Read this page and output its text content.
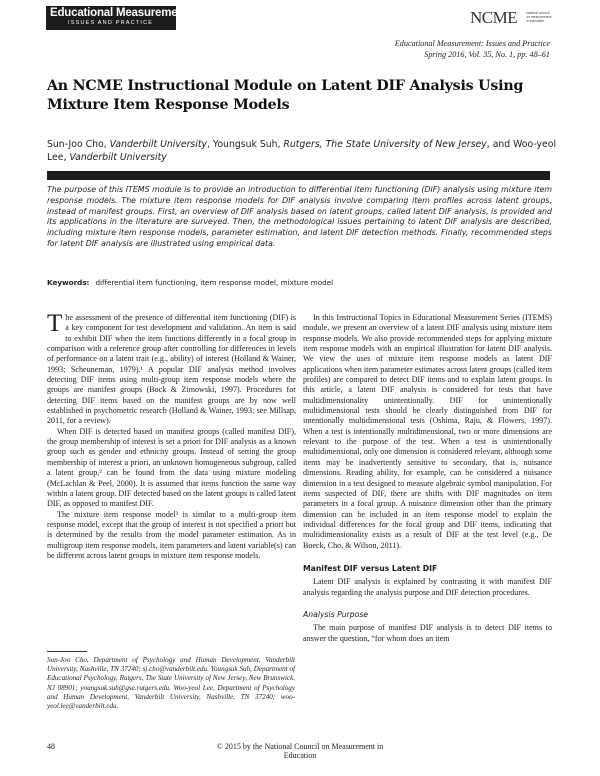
Educational Measurement
ISSUES AND PRACTICE	NCME	national council on measurement in education
Educational Measurement: Issues and Practice
Spring 2016, Vol. 35, No. 1, pp. 48–61
An NCME Instructional Module on Latent DIF Analysis Using Mixture Item Response Models
Sun-Joo Cho, Vanderbilt University, Youngsuk Suh, Rutgers, The State University of New Jersey, and Woo-yeol Lee, Vanderbilt University
The purpose of this ITEMS module is to provide an introduction to differential item functioning (DIF) analysis using mixture item response models. The mixture item response models for DIF analysis involve comparing item profiles across latent groups, instead of manifest groups. First, an overview of DIF analysis based on latent groups, called latent DIF analysis, is provided and its applications in the literature are surveyed. Then, the methodological issues pertaining to latent DIF analysis are described, including mixture item response models, parameter estimation, and latent DIF detection methods. Finally, recommended steps for latent DIF analysis are illustrated using empirical data.
Keywords: differential item functioning, item response model, mixture model

The assessment of the presence of differential item functioning (DIF) is a key component for test development and validation. An item is said to exhibit DIF when the item functions differently in a focal group in comparison with a reference group after controlling for differences in levels of performance on a latent trait (e.g., ability) of interest (Holland & Wainer, 1993; Scheuneman, 1979).¹ A popular DIF analysis method involves detecting DIF items using multi-group item response models where the groups are manifest groups (Bock & Zimowski, 1997). Procedures for detecting DIF items based on the manifest groups are by now well established in psychometric research (Holland & Wainer, 1993; see Millsap, 2011, for a review).

When DIF is detected based on manifest groups (called manifest DIF), the group membership of interest is set a priori for DIF analysis as a known group such as gender and ethnicity groups. Instead of setting the group membership of interest a priori, an unknown homogeneous subgroup, called a latent group,² can be found from the data using mixture modeling (McLachlan & Peel, 2000). It is assumed that items function the same way within a latent group. DIF detected based on the latent groups is called latent DIF, as opposed to manifest DIF.

The mixture item response model³ is similar to a multi-group item response model, except that the group of interest is not specified a priori but is determined by the results from the model parameter estimation. As in multigroup item response models, item parameters and latent variable(s) can be different across latent groups in mixture item response models.

Sun-Joo Cho, Department of Psychology and Human Development, Vanderbilt University, Nashville, TN 37240; sj.cho@vanderbilt.edu. Youngsuk Suh, Department of Educational Psychology, Rutgers, The State University of New Jersey, New Brunswick, NJ 08901; youngsuk.suh@gse.rutgers.edu. Woo-yeol Lee, Department of Psychology and Human Development, Vanderbilt University, Nashville, TN 37240; woo-yeol.lee@vanderbilt.edu.

In this Instructional Topics in Educational Measurement Series (ITEMS) module, we present an overview of a latent DIF analysis using mixture item response models. We also provide recommended steps for applying mixture item response models with an empirical illustration for latent DIF analysis. We view the uses of mixture item response models as latent DIF applications when item parameter estimates across latent groups (called item profiles) are compared to detect DIF items and to explain latent groups. In this article, a latent DIF analysis is considered for tests that have multidimensionality unintentionally. DIF for unintentionally multidimensional tests should be clearly distinguished from DIF for intentionally multidimensional tests (Oshima, Raju, & Flowers, 1997). When a test is intentionally multidimensional, two or more dimensions are relevant to the purpose of the test. When a test is unintentionally multidimensional, only one dimension is considered relevant, although some items may be inadvertently sensitive to secondary, that is, nuisance dimensions. Reading ability, for example, can be considered a nuisance dimension in a test designed to measure algebraic symbol manipulation. For items suspected of DIF, there are shifts with DIF magnitudes on item parameters in a focal group. A nuisance dimension other than the primary dimension can be included in an item response model to explain the individual differences for the focal group and DIF items, indicating that multidimensionality exists as a result of DIF at the test level (e.g., De Boeck, Cho, & Wilson, 2011).

Manifest DIF versus Latent DIF

Latent DIF analysis is explained by contrasting it with manifest DIF analysis regarding the analysis purpose and DIF detection procedures.

Analysis Purpose

The main purpose of manifest DIF analysis is to detect DIF items to answer the question, “for whom does an item

48	© 2015 by the National Council on Measurement in Education
